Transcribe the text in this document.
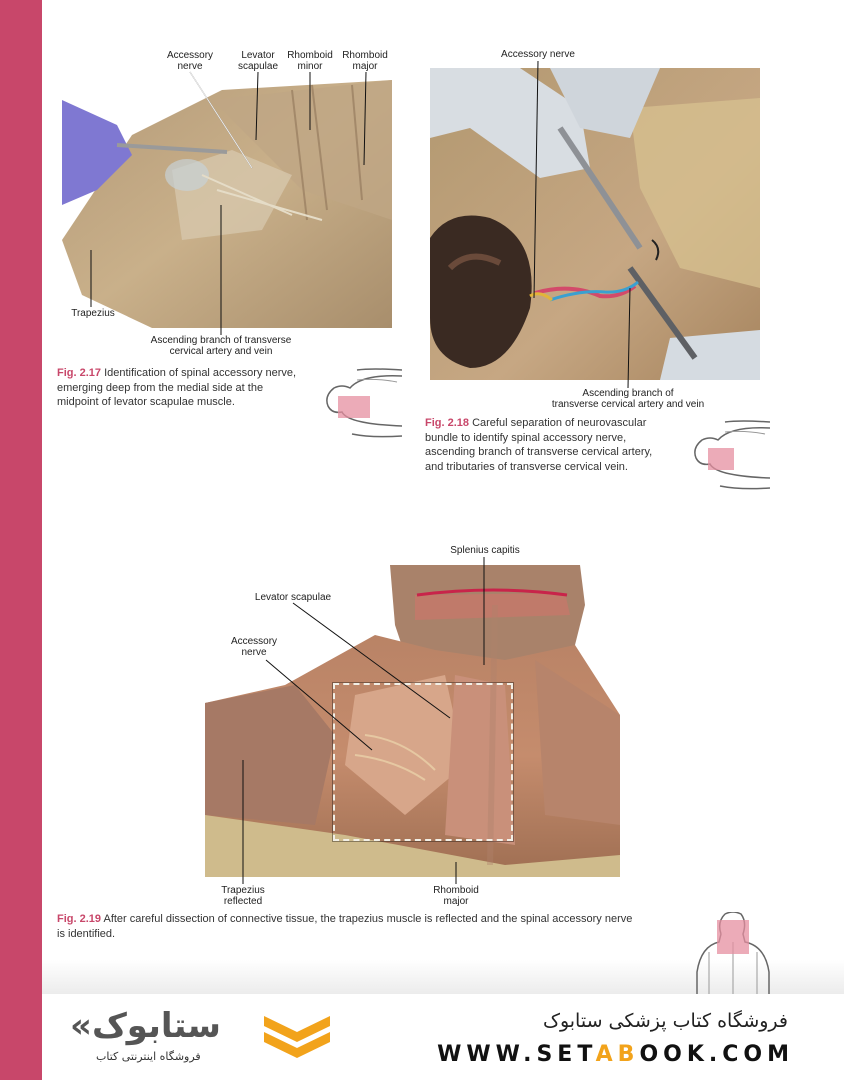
Accessory
nerve
Levator
scapulae
Rhomboid
minor
Rhomboid
major
Trapezius
Ascending branch of transverse
cervical artery and vein
Fig. 2.17 Identification of spinal accessory nerve, emerging deep from the medial side at the midpoint of levator scapulae muscle.
Accessory nerve
Ascending branch of
transverse cervical artery and vein
Fig. 2.18 Careful separation of neurovascular bundle to identify spinal accessory nerve, ascending branch of transverse cervical artery, and tributaries of transverse cervical vein.
Splenius capitis
Levator scapulae
Accessory
nerve
Trapezius
reflected
Rhomboid
major
Fig. 2.19 After careful dissection of connective tissue, the trapezius muscle is reflected and the spinal accessory nerve is identified.
«ستابوک
فروشگاه اینترنتی کتاب
فروشگاه کتاب پزشکی ستابوک
WWW.SETABOOK.COM
